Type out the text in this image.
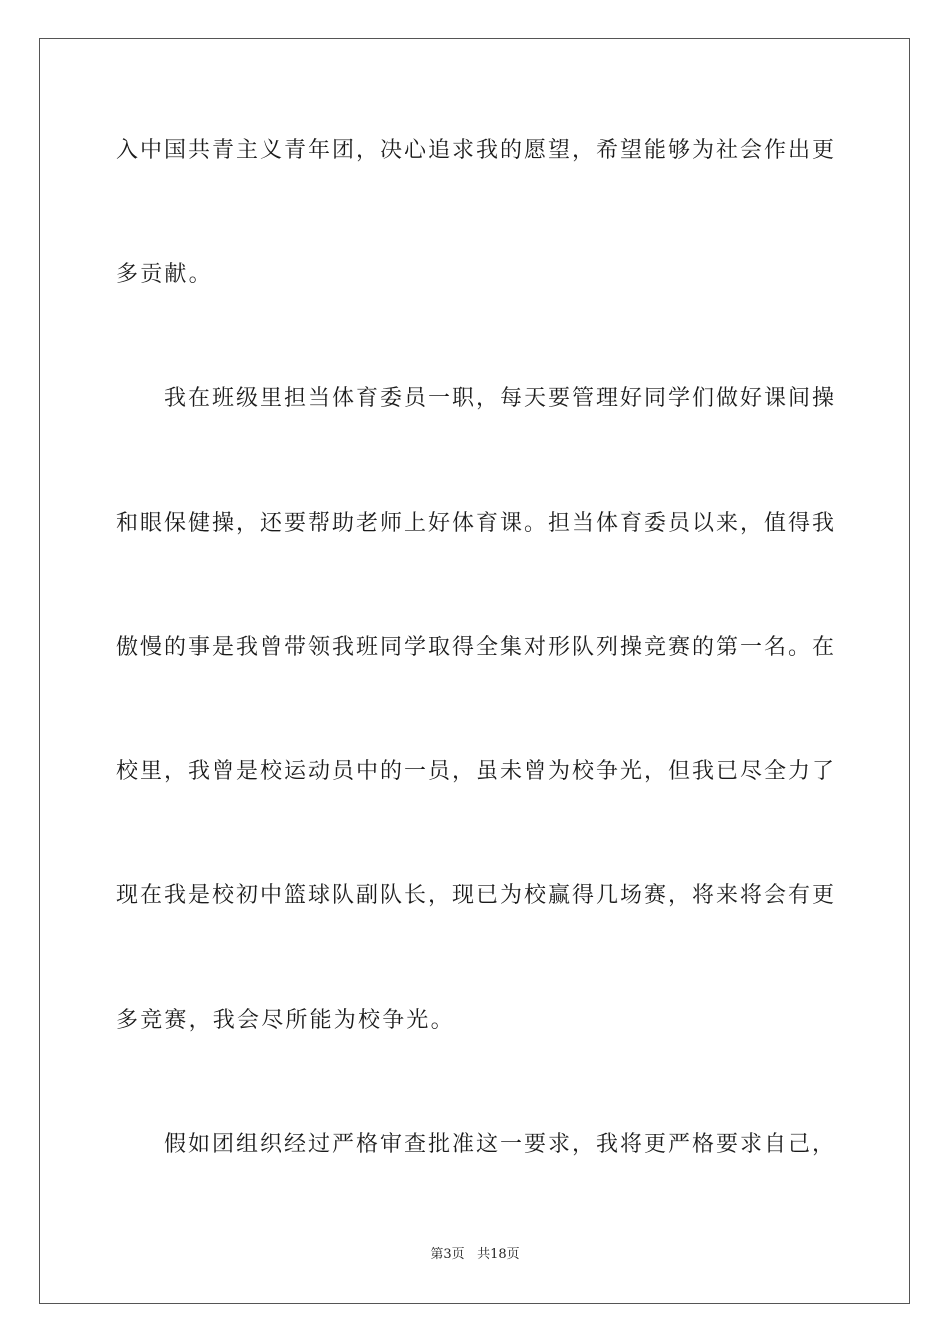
入中国共青主义青年团，决心追求我的愿望，希望能够为社会作出更
多贡献。
我在班级里担当体育委员一职，每天要管理好同学们做好课间操
和眼保健操，还要帮助老师上好体育课。担当体育委员以来，值得我
傲慢的事是我曾带领我班同学取得全集对形队列操竞赛的第一名。在
校里，我曾是校运动员中的一员，虽未曾为校争光，但我已尽全力了
现在我是校初中篮球队副队长，现已为校赢得几场赛，将来将会有更
多竞赛，我会尽所能为校争光。
假如团组织经过严格审查批准这一要求，我将更严格要求自己，
第3页 共18页
